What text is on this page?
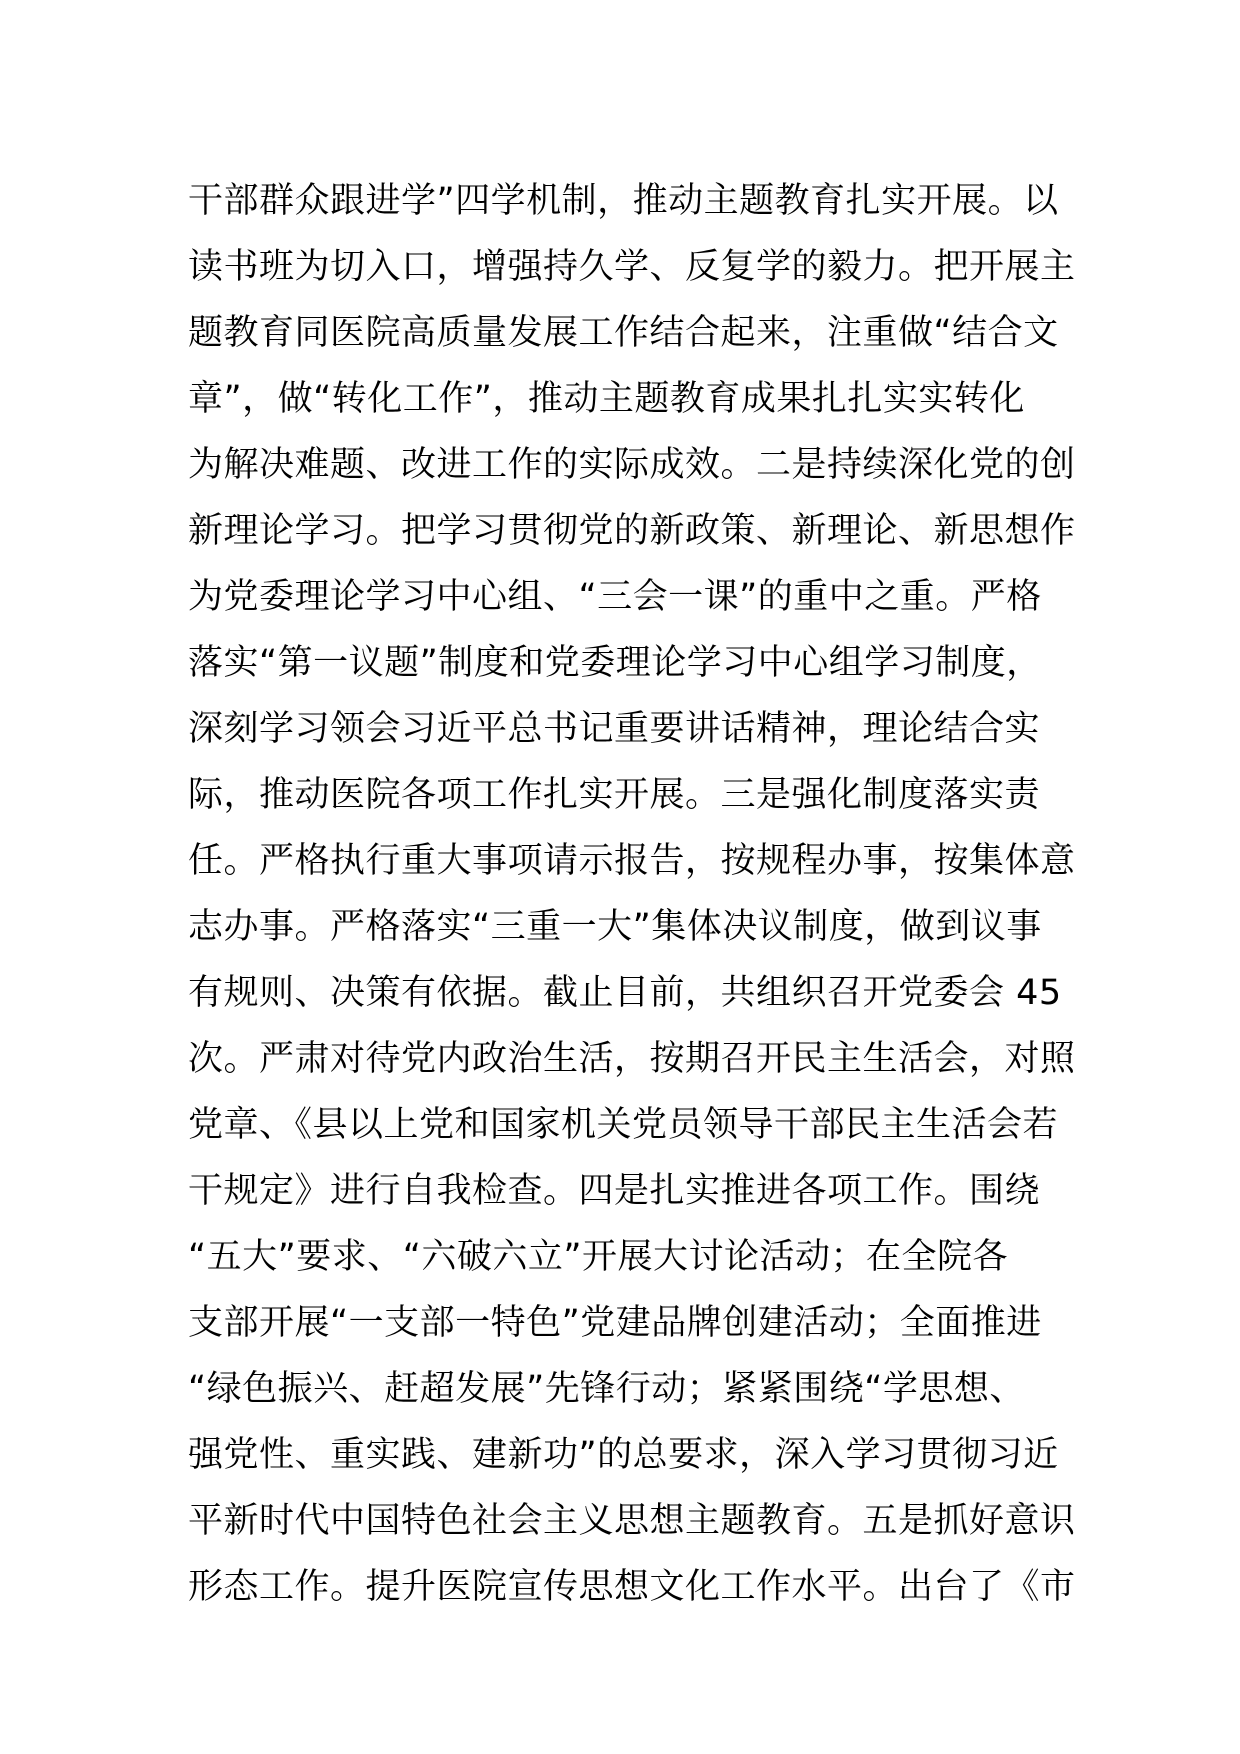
干部群众跟进学”四学机制，推动主题教育扎实开展。以
读书班为切入口，增强持久学、反复学的毅力。把开展主
题教育同医院高质量发展工作结合起来，注重做“结合文
章”，做“转化工作”，推动主题教育成果扎扎实实转化
为解决难题、改进工作的实际成效。二是持续深化党的创
新理论学习。把学习贯彻党的新政策、新理论、新思想作
为党委理论学习中心组、“三会一课”的重中之重。严格
落实“第一议题”制度和党委理论学习中心组学习制度，
深刻学习领会习近平总书记重要讲话精神，理论结合实
际，推动医院各项工作扎实开展。三是强化制度落实责
任。严格执行重大事项请示报告，按规程办事，按集体意
志办事。严格落实“三重一大”集体决议制度，做到议事
有规则、决策有依据。截止目前，共组织召开党委会 45
次。严肃对待党内政治生活，按期召开民主生活会，对照
党章、《县以上党和国家机关党员领导干部民主生活会若
干规定》进行自我检查。四是扎实推进各项工作。围绕
“五大”要求、“六破六立”开展大讨论活动；在全院各
支部开展“一支部一特色”党建品牌创建活动；全面推进
“绿色振兴、赶超发展”先锋行动；紧紧围绕“学思想、
强党性、重实践、建新功”的总要求，深入学习贯彻习近
平新时代中国特色社会主义思想主题教育。五是抓好意识
形态工作。提升医院宣传思想文化工作水平。出台了《市
